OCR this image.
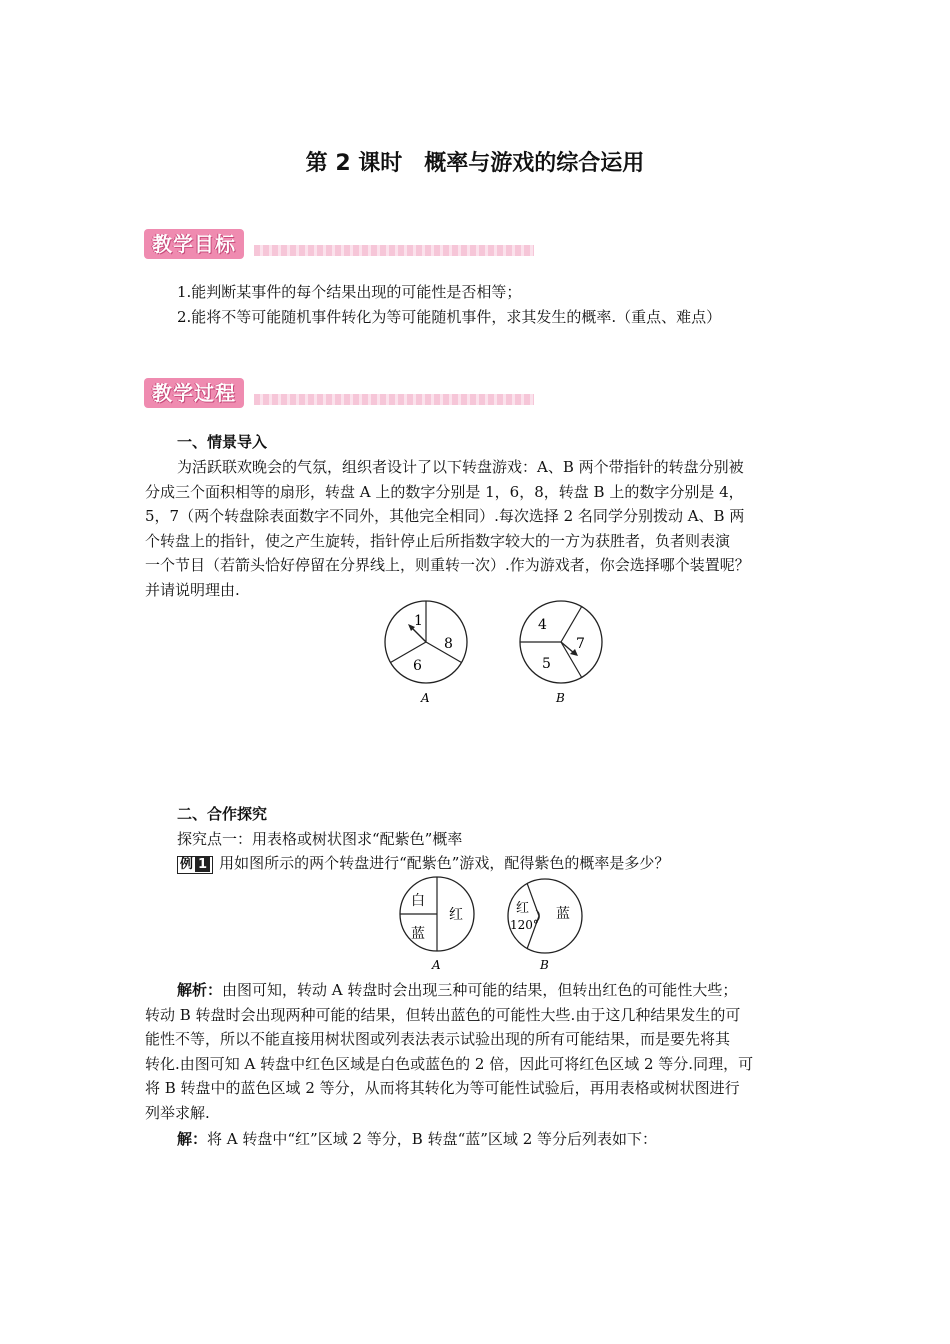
第 2 课时　概率与游戏的综合运用
教学目标
1.能判断某事件的每个结果出现的可能性是否相等；
2.能将不等可能随机事件转化为等可能随机事件，求其发生的概率.（重点、难点）
教学过程
一、情景导入

为活跃联欢晚会的气氛，组织者设计了以下转盘游戏：A、B 两个带指针的转盘分别被

分成三个面积相等的扇形，转盘 A 上的数字分别是 1，6，8，转盘 B 上的数字分别是 4，

5，7（两个转盘除表面数字不同外，其他完全相同）.每次选择 2 名同学分别拨动 A、B 两

个转盘上的指针，使之产生旋转，指针停止后所指数字较大的一方为获胜者，负者则表演

一个节目（若箭头恰好停留在分界线上，则重转一次）.作为游戏者，你会选择哪个装置呢？

并请说明理由.

1
8
6
A
4
7
5
B
二、合作探究
探究点一：用表格或树状图求“配紫色”概率
例 1 用如图所示的两个转盘进行“配紫色”游戏，配得紫色的概率是多少？
白
红
蓝
A
红
120°
蓝
B

解析：由图可知，转动 A 转盘时会出现三种可能的结果，但转出红色的可能性大些；

转动 B 转盘时会出现两种可能的结果，但转出蓝色的可能性大些.由于这几种结果发生的可

能性不等，所以不能直接用树状图或列表法表示试验出现的所有可能结果，而是要先将其

转化.由图可知 A 转盘中红色区域是白色或蓝色的 2 倍，因此可将红色区域 2 等分.同理，可

将 B 转盘中的蓝色区域 2 等分，从而将其转化为等可能性试验后，再用表格或树状图进行

列举求解.

解：将 A 转盘中“红”区域 2 等分，B 转盘“蓝”区域 2 等分后列表如下：
